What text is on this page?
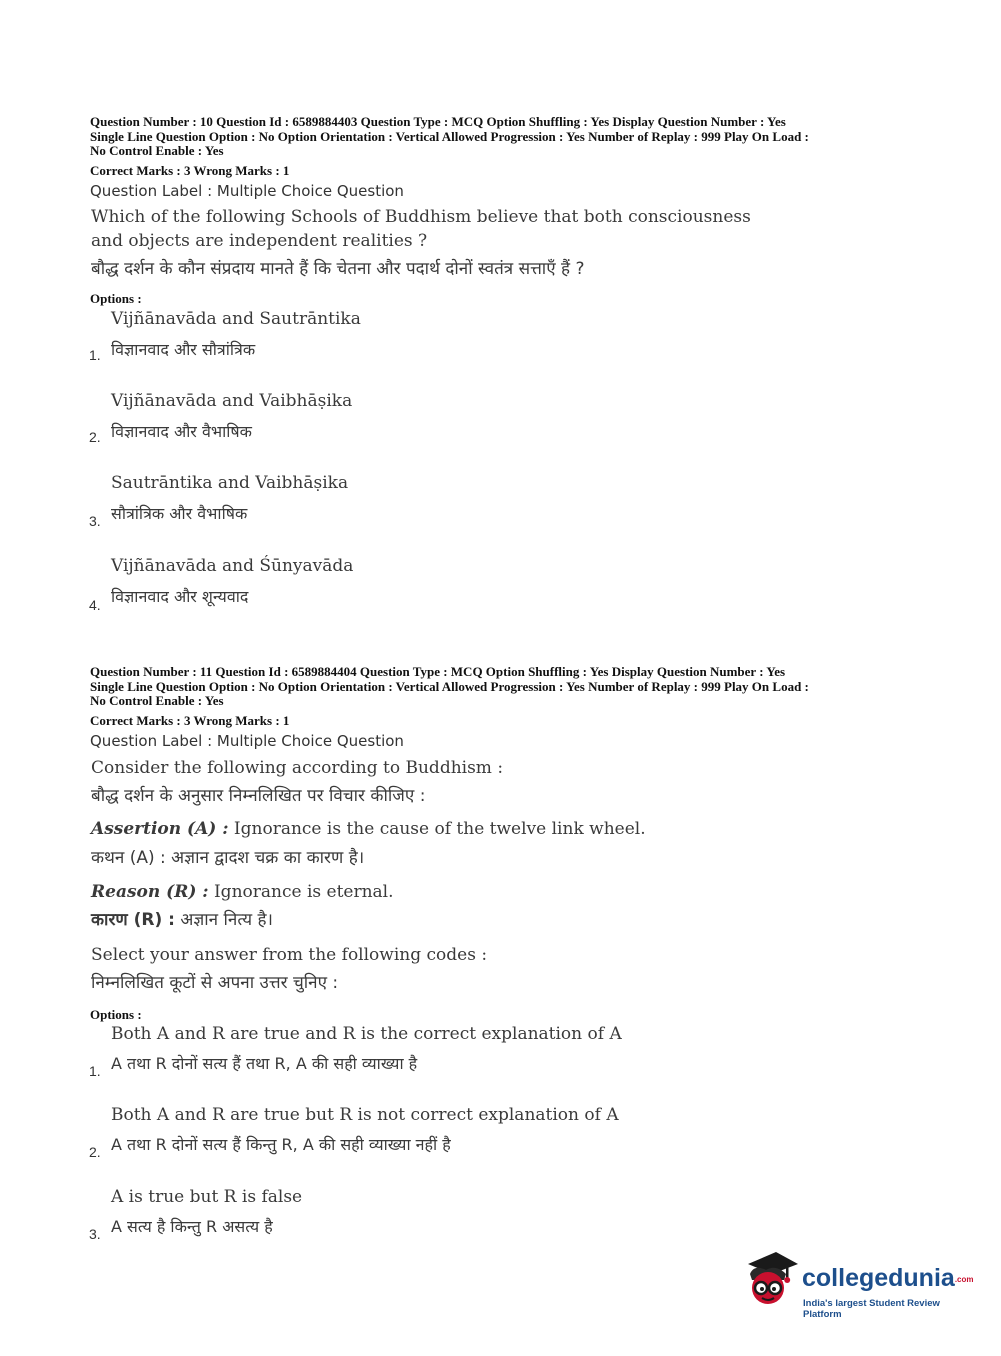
Question Number : 10 Question Id : 6589884403 Question Type : MCQ Option Shuffling : Yes Display Question Number : Yes
Single Line Question Option : No Option Orientation : Vertical Allowed Progression : Yes Number of Replay : 999 Play On Load :
No Control Enable : Yes
Correct Marks : 3 Wrong Marks : 1
Question Label : Multiple Choice Question
Which of the following Schools of Buddhism believe that both consciousness
and objects are independent realities ?
बौद्ध दर्शन के कौन संप्रदाय मानते हैं कि चेतना और पदार्थ दोनों स्वतंत्र सत्ताएँ हैं ?
Options :
Vijñānavāda and Sautrāntika
विज्ञानवाद और सौत्रांत्रिक
1.
Vijñānavāda and Vaibhāṣika
विज्ञानवाद और वैभाषिक
2.
Sautrāntika and Vaibhāṣika
सौत्रांत्रिक और वैभाषिक
3.
Vijñānavāda and Śūnyavāda
विज्ञानवाद और शून्यवाद
4.
Question Number : 11 Question Id : 6589884404 Question Type : MCQ Option Shuffling : Yes Display Question Number : Yes
Single Line Question Option : No Option Orientation : Vertical Allowed Progression : Yes Number of Replay : 999 Play On Load :
No Control Enable : Yes
Correct Marks : 3 Wrong Marks : 1
Question Label : Multiple Choice Question
Consider the following according to Buddhism :
बौद्ध दर्शन के अनुसार निम्नलिखित पर विचार कीजिए :
Assertion (A) : Ignorance is the cause of the twelve link wheel.
कथन (A) : अज्ञान द्वादश चक्र का कारण है।
Reason (R) : Ignorance is eternal.
कारण (R) : अज्ञान नित्य है।
Select your answer from the following codes :
निम्नलिखित कूटों से अपना उत्तर चुनिए :
Options :
Both A and R are true and R is the correct explanation of A
A तथा R दोनों सत्य हैं तथा R, A की सही व्याख्या है
1.
Both A and R are true but R is not correct explanation of A
A तथा R दोनों सत्य हैं किन्तु R, A की सही व्याख्या नहीं है
2.
A is true but R is false
A सत्य है किन्तु R असत्य है
3.
collegedunia.com
India's largest Student Review Platform
